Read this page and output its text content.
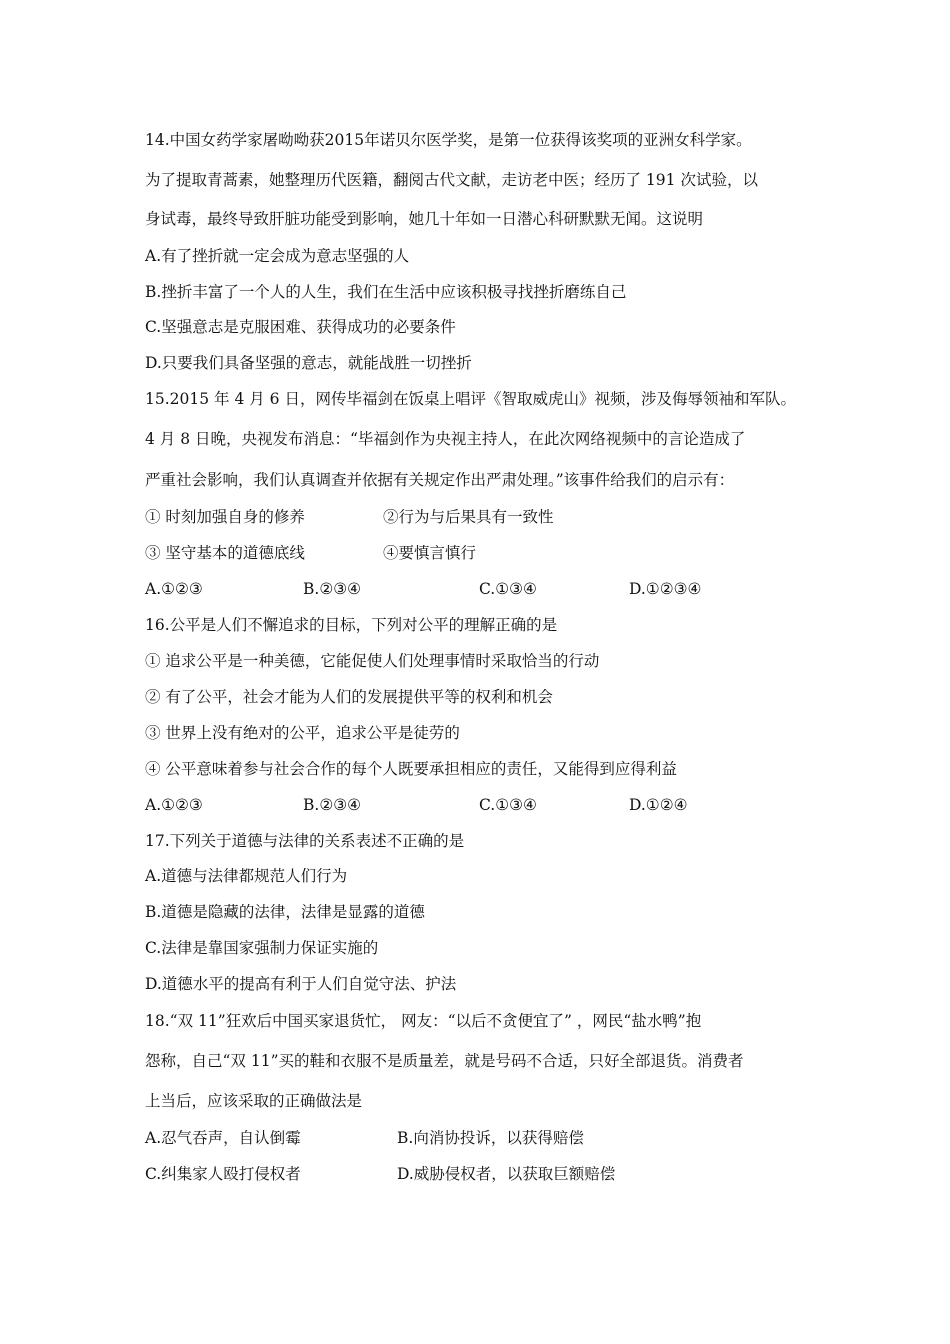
14.中国女药学家屠呦呦获2015年诺贝尔医学奖，是第一位获得该奖项的亚洲女科学家。
为了提取青蒿素，她整理历代医籍，翻阅古代文献，走访老中医；经历了 191 次试验，以
身试毒，最终导致肝脏功能受到影响，她几十年如一日潜心科研默默无闻。这说明
A.有了挫折就一定会成为意志坚强的人
B.挫折丰富了一个人的人生，我们在生活中应该积极寻找挫折磨练自己
C.坚强意志是克服困难、获得成功的必要条件
D.只要我们具备坚强的意志，就能战胜一切挫折
15.2015 年 4 月 6 日，网传毕福剑在饭桌上唱评《智取威虎山》视频，涉及侮辱领袖和军队。
4 月 8 日晚，央视发布消息：“毕福剑作为央视主持人，在此次网络视频中的言论造成了
严重社会影响，我们认真调查并依据有关规定作出严肃处理。”该事件给我们的启示有：
① 时刻加强自身的修养	②行为与后果具有一致性
③ 坚守基本的道德底线	④要慎言慎行
A.①②③	B.②③④	C.①③④	D.①②③④
16.公平是人们不懈追求的目标，下列对公平的理解正确的是
① 追求公平是一种美德，它能促使人们处理事情时采取恰当的行动
② 有了公平，社会才能为人们的发展提供平等的权利和机会
③ 世界上没有绝对的公平，追求公平是徒劳的
④ 公平意味着参与社会合作的每个人既要承担相应的责任，又能得到应得利益
A.①②③	B.②③④	C.①③④	D.①②④
17.下列关于道德与法律的关系表述不正确的是
A.道德与法律都规范人们行为
B.道德是隐藏的法律，法律是显露的道德
C.法律是靠国家强制力保证实施的
D.道德水平的提高有利于人们自觉守法、护法
18.“双 11”狂欢后中国买家退货忙， 网友：“以后不贪便宜了” ，网民“盐水鸭”抱
怨称，自己“双 11”买的鞋和衣服不是质量差，就是号码不合适，只好全部退货。消费者
上当后，应该采取的正确做法是
A.忍气吞声，自认倒霉	B.向消协投诉，以获得赔偿
C.纠集家人殴打侵权者	D.威胁侵权者，以获取巨额赔偿
